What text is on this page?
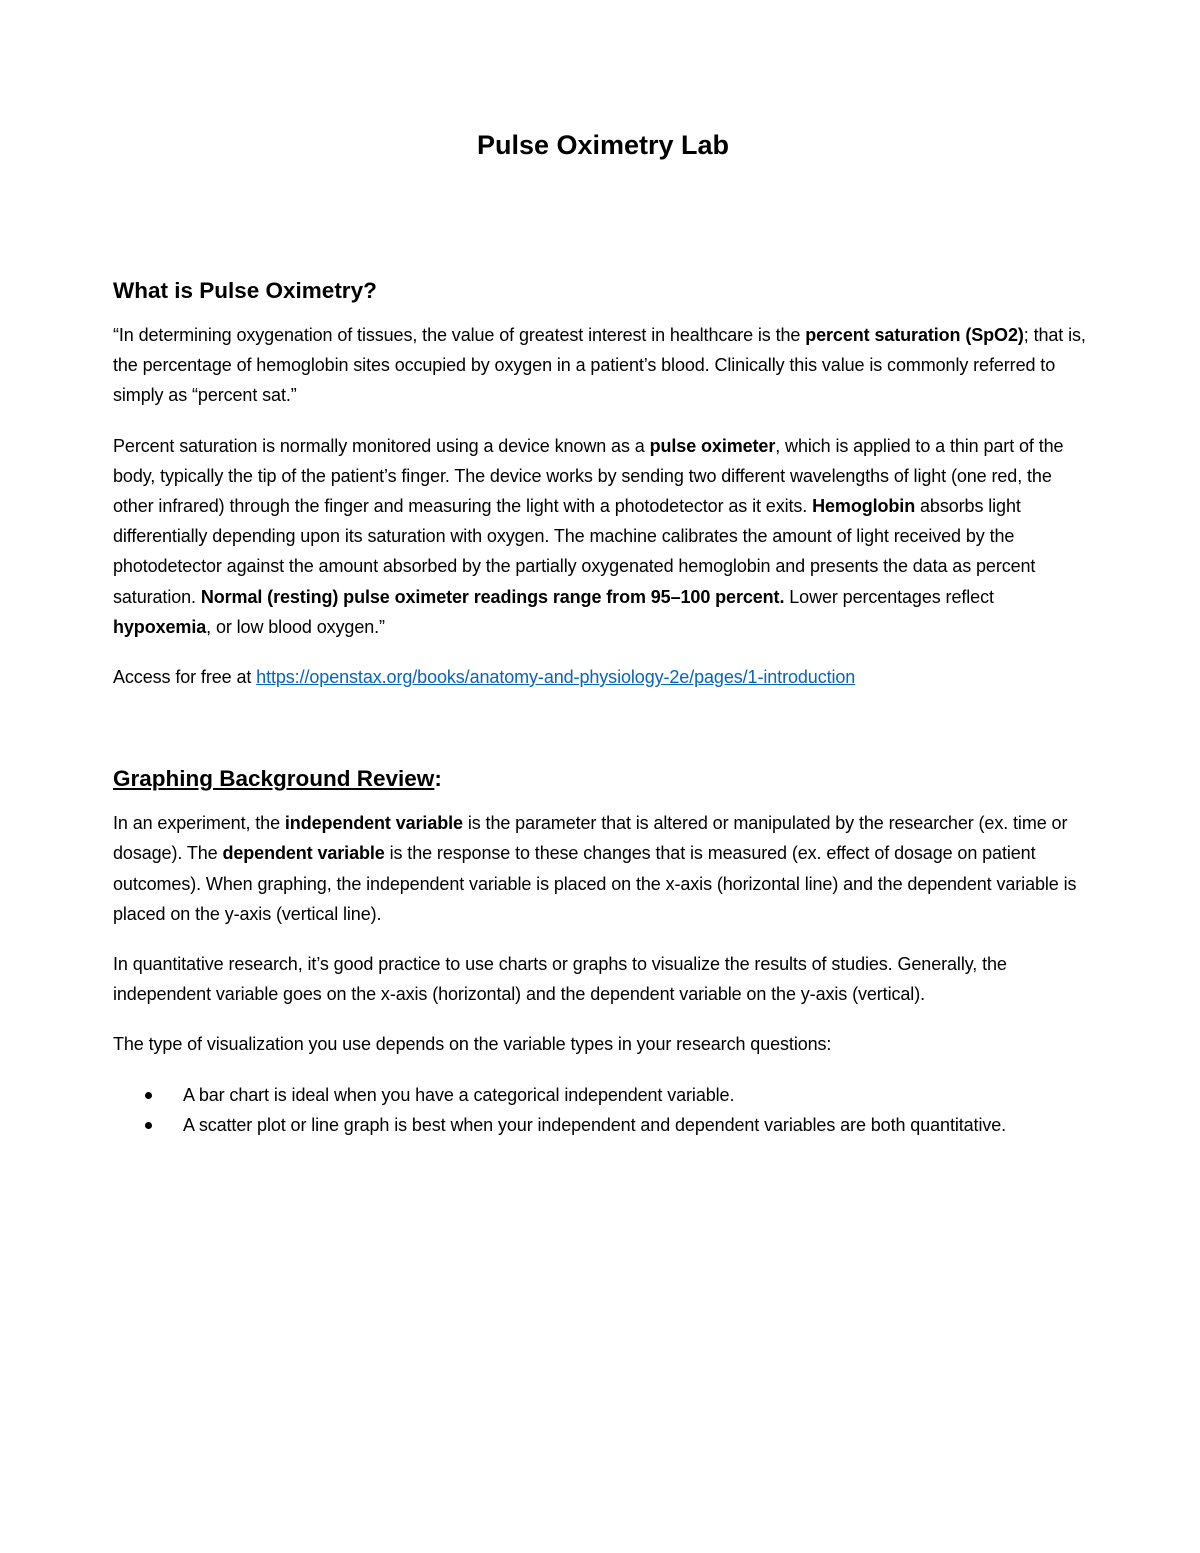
Pulse Oximetry Lab
What is Pulse Oximetry?

“In determining oxygenation of tissues, the value of greatest interest in healthcare is the percent saturation (SpO2); that is, the percentage of hemoglobin sites occupied by oxygen in a patient’s blood. Clinically this value is commonly referred to simply as “percent sat.”

Percent saturation is normally monitored using a device known as a pulse oximeter, which is applied to a thin part of the body, typically the tip of the patient’s finger. The device works by sending two different wavelengths of light (one red, the other infrared) through the finger and measuring the light with a photodetector as it exits. Hemoglobin absorbs light differentially depending upon its saturation with oxygen. The machine calibrates the amount of light received by the photodetector against the amount absorbed by the partially oxygenated hemoglobin and presents the data as percent saturation. Normal (resting) pulse oximeter readings range from 95–100 percent. Lower percentages reflect hypoxemia, or low blood oxygen.”

Access for free at https://openstax.org/books/anatomy-and-physiology-2e/pages/1-introduction

Graphing Background Review:

In an experiment, the independent variable is the parameter that is altered or manipulated by the researcher (ex. time or dosage). The dependent variable is the response to these changes that is measured (ex. effect of dosage on patient outcomes). When graphing, the independent variable is placed on the x-axis (horizontal line) and the dependent variable is placed on the y-axis (vertical line).

In quantitative research, it’s good practice to use charts or graphs to visualize the results of studies. Generally, the independent variable goes on the x-axis (horizontal) and the dependent variable on the y-axis (vertical).

The type of visualization you use depends on the variable types in your research questions:

A bar chart is ideal when you have a categorical independent variable.
A scatter plot or line graph is best when your independent and dependent variables are both quantitative.
